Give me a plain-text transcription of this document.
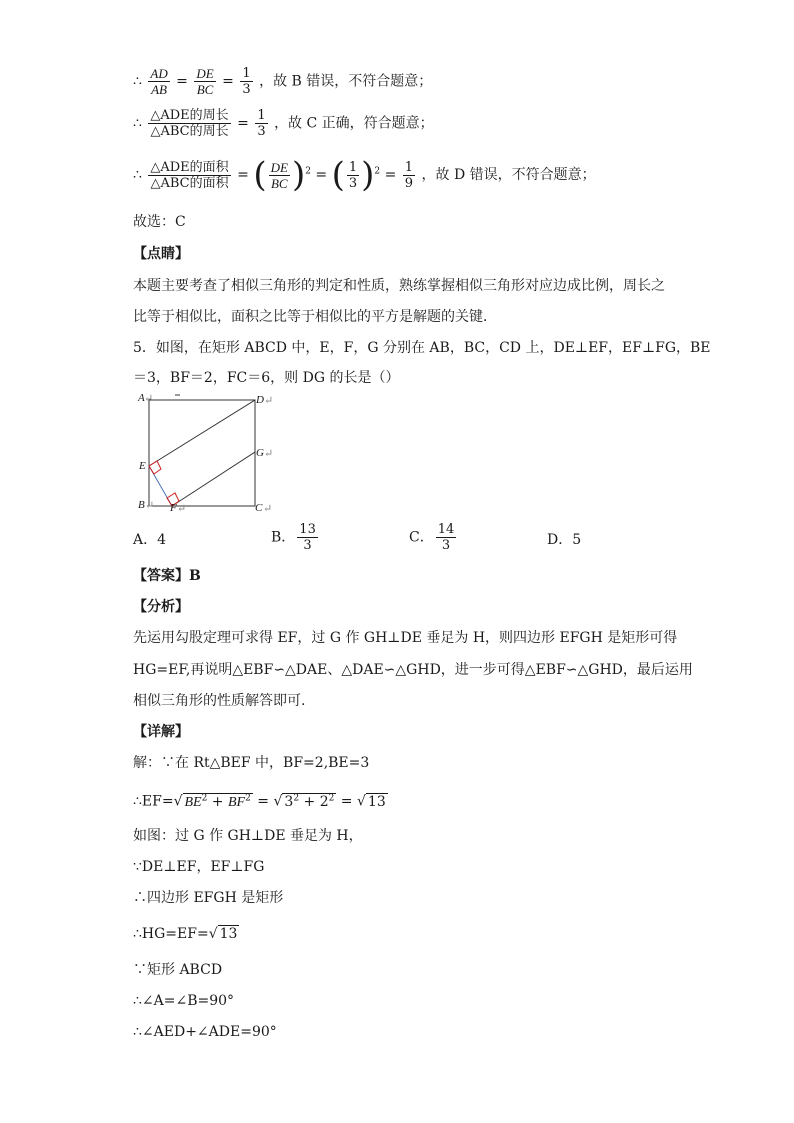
∴ $\frac{AD}{AB} = \frac{DE}{BC} = \frac{1}{3}$ ，故 B 错误，不符合题意；
∴ $\frac{\text{△ADE的周长}}{\text{△ABC的周长}} = \frac{1}{3}$ ，故 C 正确，符合题意；
∴ $\frac{\text{△ADE的面积}}{\text{△ABC的面积}}$ = ( $\frac{DE}{BC} )^2$ = ( $\frac{1}{3} )^2 = \frac{1}{9}$ ，故 D 错误，不符合题意；
故选：C
【点睛】
本题主要考查了相似三角形的判定和性质，熟练掌握相似三角形对应边成比例，周长之
比等于相似比，面积之比等于相似比的平方是解题的关键．
5．如图，在矩形 ABCD 中，E，F，G 分别在 AB，BC，CD 上，DE⊥EF，EF⊥FG，BE
＝3，BF＝2，FC＝6，则 DG 的长是（）
A ↵	D ↵
G ↵
E
B ↵ F ↵	C ↵
A．4	B． $\frac{13}{3}$	C． $\frac{14}{3}$	D．5
【答案】B
【分析】
先运用勾股定理可求得 EF，过 G 作 GH⊥DE 垂足为 H，则四边形 EFGH 是矩形可得
HG=EF,再说明△EBF∽△DAE、△DAE∽△GHD，进一步可得△EBF∽△GHD，最后运用
相似三角形的性质解答即可.
【详解】
解：∵在 Rt△BEF 中，BF=2,BE=3
∴EF=√ $BE^2 + BF^2$ = √ $3^2 + 2^2$ = √ 13
如图：过 G 作 GH⊥DE 垂足为 H，
∵DE⊥EF，EF⊥FG
∴四边形 EFGH 是矩形
∴HG=EF=√ 13
∵矩形 ABCD
∴∠A=∠B=90°
∴∠AED+∠ADE=90°
